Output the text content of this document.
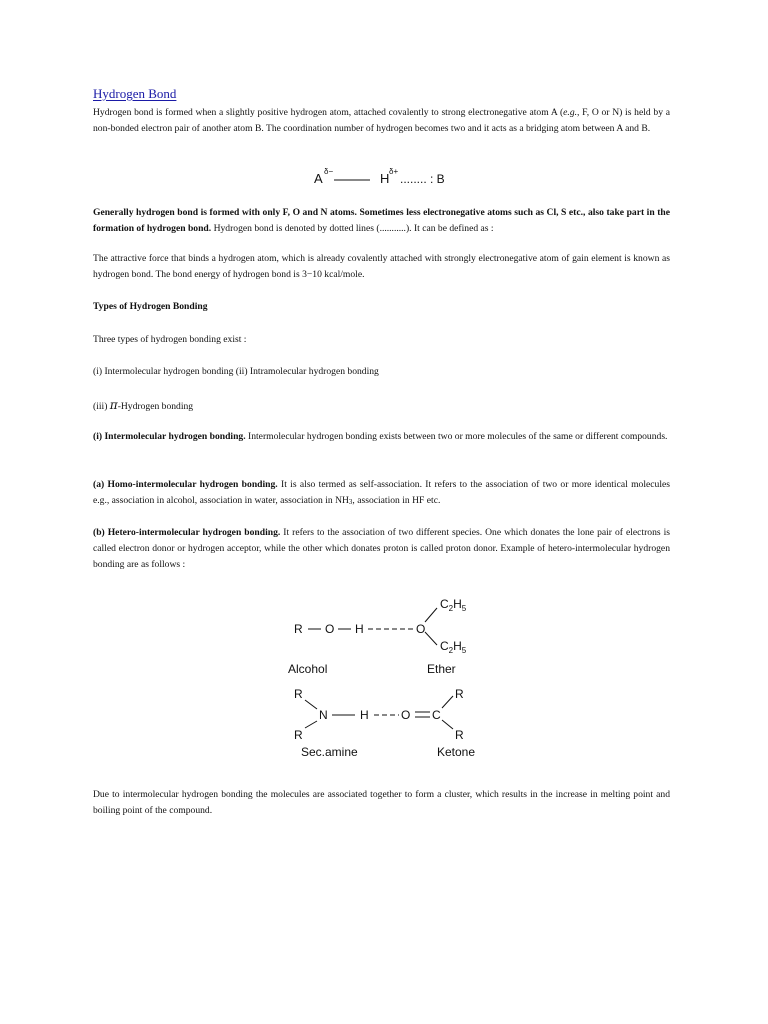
Hydrogen Bond

Hydrogen bond is formed when a slightly positive hydrogen atom, attached covalently to strong electronegative atom A (e.g., F, O or N) is held by a non-bonded electron pair of another atom B. The coordination number of hydrogen becomes two and it acts as a bridging atom between A and B.

A δ−	H δ+
........ : B

Generally hydrogen bond is formed with only F, O and N atoms. Sometimes less electronegative atoms such as Cl, S etc., also take part in the formation of hydrogen bond. Hydrogen bond is denoted by dotted lines (...........). It can be defined as :

The attractive force that binds a hydrogen atom, which is already covalently attached with strongly electronegative atom of gain element is known as hydrogen bond. The bond energy of hydrogen bond is 3−10 kcal/mole.

Types of Hydrogen Bonding
Three types of hydrogen bonding exist :
(i) Intermolecular hydrogen bonding (ii) Intramolecular hydrogen bonding
(iii) π-Hydrogen bonding

(i) Intermolecular hydrogen bonding. Intermolecular hydrogen bonding exists between two or more molecules of the same or different compounds.

(a) Homo-intermolecular hydrogen bonding. It is also termed as self-association. It refers to the association of two or more identical molecules e.g., association in alcohol, association in water, association in $NH_3$, association in HF etc.

(b) Hetero-intermolecular hydrogen bonding. It refers to the association of two different species. One which donates the lone pair of electrons is called electron donor or hydrogen acceptor, while the other which donates proton is called proton donor. Example of hetero-intermolecular hydrogen bonding are as follows :

R O H	O
$C_2H_5$
$C_2H_5$
Alcohol	Ether
R
N
R
H	O C
R
R
Sec.amine	Ketone

Due to intermolecular hydrogen bonding the molecules are associated together to form a cluster, which results in the increase in melting point and boiling point of the compound.
